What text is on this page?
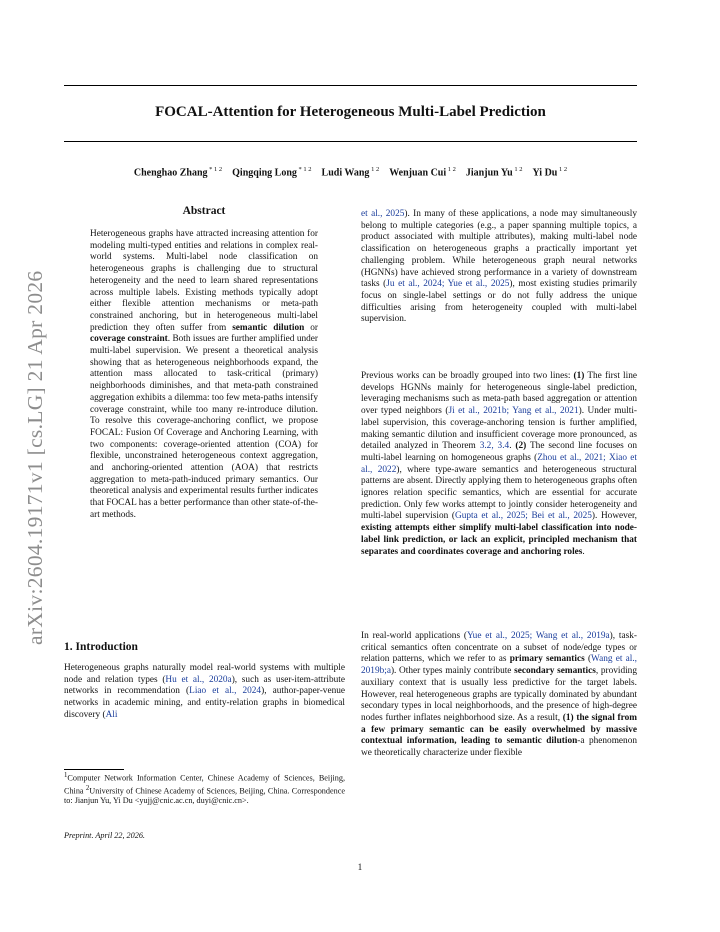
arXiv:2604.19171v1 [cs.LG] 21 Apr 2026
FOCAL-Attention for Heterogeneous Multi-Label Prediction
Chenghao Zhang $^{* 1 2}$   Qingqing Long $^{* 1 2}$   Ludi Wang $^{1 2}$   Wenjuan Cui $^{1 2}$   Jianjun Yu $^{1 2}$   Yi Du $^{1 2}$
Abstract
Heterogeneous graphs have attracted increasing attention for modeling multi-typed entities and relations in complex real-world systems. Multi-label node classification on heterogeneous graphs is challenging due to structural heterogeneity and the need to learn shared representations across multiple labels. Existing methods typically adopt either flexible attention mechanisms or meta-path constrained anchoring, but in heterogeneous multi-label prediction they often suffer from semantic dilution or coverage constraint. Both issues are further amplified under multi-label supervision. We present a theoretical analysis showing that as heterogeneous neighborhoods expand, the attention mass allocated to task-critical (primary) neighborhoods diminishes, and that meta-path constrained aggregation exhibits a dilemma: too few meta-paths intensify coverage constraint, while too many re-introduce dilution. To resolve this coverage-anchoring conflict, we propose FOCAL: Fusion Of Coverage and Anchoring Learning, with two components: coverage-oriented attention (COA) for flexible, unconstrained heterogeneous context aggregation, and anchoring-oriented attention (AOA) that restricts aggregation to meta-path-induced primary semantics. Our theoretical analysis and experimental results further indicates that FOCAL has a better performance than other state-of-the-art methods.
1. Introduction
Heterogeneous graphs naturally model real-world systems with multiple node and relation types (Hu et al., 2020a), such as user-item-attribute networks in recommendation (Liao et al., 2024), author-paper-venue networks in academic mining, and entity-relation graphs in biomedical discovery (Ali
$^1$Computer Network Information Center, Chinese Academy of Sciences, Beijing, China $^2$University of Chinese Academy of Sciences, Beijing, China. Correspondence to: Jianjun Yu, Yi Du <yujj@cnic.ac.cn, duyi@cnic.cn>.
Preprint. April 22, 2026.
et al., 2025). In many of these applications, a node may simultaneously belong to multiple categories (e.g., a paper spanning multiple topics, a product associated with multiple attributes), making multi-label node classification on heterogeneous graphs a practically important yet challenging problem. While heterogeneous graph neural networks (HGNNs) have achieved strong performance in a variety of downstream tasks (Ju et al., 2024; Yue et al., 2025), most existing studies primarily focus on single-label settings or do not fully address the unique difficulties arising from heterogeneity coupled with multi-label supervision.
Previous works can be broadly grouped into two lines: (1) The first line develops HGNNs mainly for heterogeneous single-label prediction, leveraging mechanisms such as meta-path based aggregation or attention over typed neighbors (Ji et al., 2021b; Yang et al., 2021). Under multi-label supervision, this coverage-anchoring tension is further amplified, making semantic dilution and insufficient coverage more pronounced, as detailed analyzed in Theorem 3.2, 3.4. (2) The second line focuses on multi-label learning on homogeneous graphs (Zhou et al., 2021; Xiao et al., 2022), where type-aware semantics and heterogeneous structural patterns are absent. Directly applying them to heterogeneous graphs often ignores relation specific semantics, which are essential for accurate prediction. Only few works attempt to jointly consider heterogeneity and multi-label supervision (Gupta et al., 2025; Bei et al., 2025). However, existing attempts either simplify multi-label classification into node-label link prediction, or lack an explicit, principled mechanism that separates and coordinates coverage and anchoring roles.
In real-world applications (Yue et al., 2025; Wang et al., 2019a), task-critical semantics often concentrate on a subset of node/edge types or relation patterns, which we refer to as primary semantics (Wang et al., 2019b;a). Other types mainly contribute secondary semantics, providing auxiliary context that is usually less predictive for the target labels. However, real heterogeneous graphs are typically dominated by abundant secondary types in local neighborhoods, and the presence of high-degree nodes further inflates neighborhood size. As a result, (1) the signal from a few primary semantic can be easily overwhelmed by massive contextual information, leading to semantic dilution-a phenomenon we theoretically characterize under flexible
1
